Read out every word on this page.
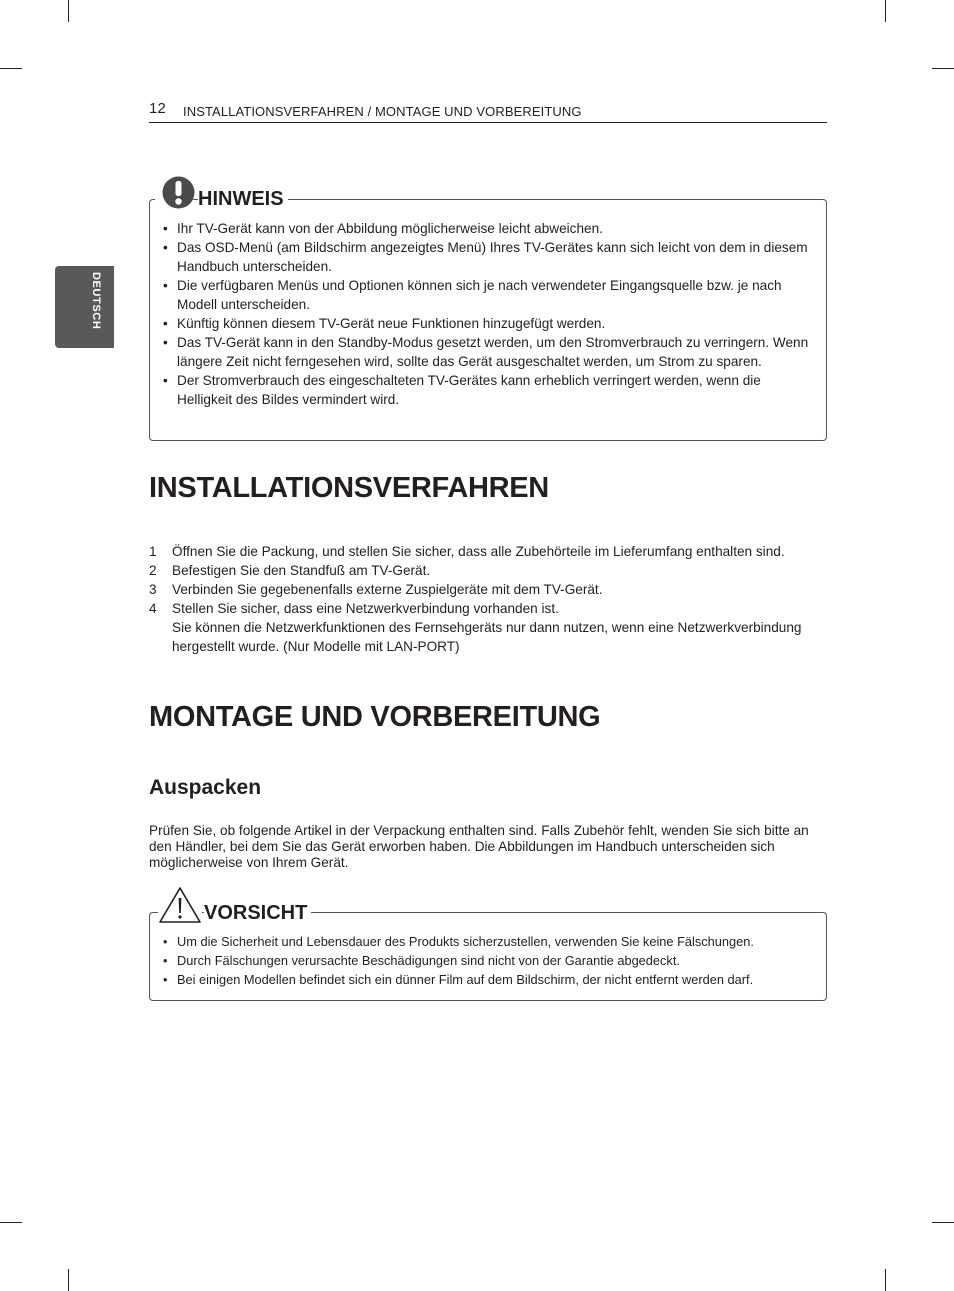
12 INSTALLATIONSVERFAHREN / MONTAGE UND VORBEREITUNG
DEUTSCH
HINWEIS
• Ihr TV-Gerät kann von der Abbildung möglicherweise leicht abweichen.
• Das OSD-Menü (am Bildschirm angezeigtes Menü) Ihres TV-Gerätes kann sich leicht von dem in diesem Handbuch unterscheiden.
• Die verfügbaren Menüs und Optionen können sich je nach verwendeter Eingangsquelle bzw. je nach Modell unterscheiden.
• Künftig können diesem TV-Gerät neue Funktionen hinzugefügt werden.
• Das TV-Gerät kann in den Standby-Modus gesetzt werden, um den Stromverbrauch zu verringern. Wenn längere Zeit nicht ferngesehen wird, sollte das Gerät ausgeschaltet werden, um Strom zu sparen.
• Der Stromverbrauch des eingeschalteten TV-Gerätes kann erheblich verringert werden, wenn die Helligkeit des Bildes vermindert wird.
INSTALLATIONSVERFAHREN
1 Öffnen Sie die Packung, und stellen Sie sicher, dass alle Zubehörteile im Lieferumfang enthalten sind.
2 Befestigen Sie den Standfuß am TV-Gerät.
3 Verbinden Sie gegebenenfalls externe Zuspielgeräte mit dem TV-Gerät.
4 Stellen Sie sicher, dass eine Netzwerkverbindung vorhanden ist.
Sie können die Netzwerkfunktionen des Fernsehgeräts nur dann nutzen, wenn eine Netzwerkverbindung hergestellt wurde. (Nur Modelle mit LAN-PORT)
MONTAGE UND VORBEREITUNG
Auspacken

Prüfen Sie, ob folgende Artikel in der Verpackung enthalten sind. Falls Zubehör fehlt, wenden Sie sich bitte an den Händler, bei dem Sie das Gerät erworben haben. Die Abbildungen im Handbuch unterscheiden sich möglicherweise von Ihrem Gerät.

VORSICHT
• Um die Sicherheit und Lebensdauer des Produkts sicherzustellen, verwenden Sie keine Fälschungen.
• Durch Fälschungen verursachte Beschädigungen sind nicht von der Garantie abgedeckt.
• Bei einigen Modellen befindet sich ein dünner Film auf dem Bildschirm, der nicht entfernt werden darf.
